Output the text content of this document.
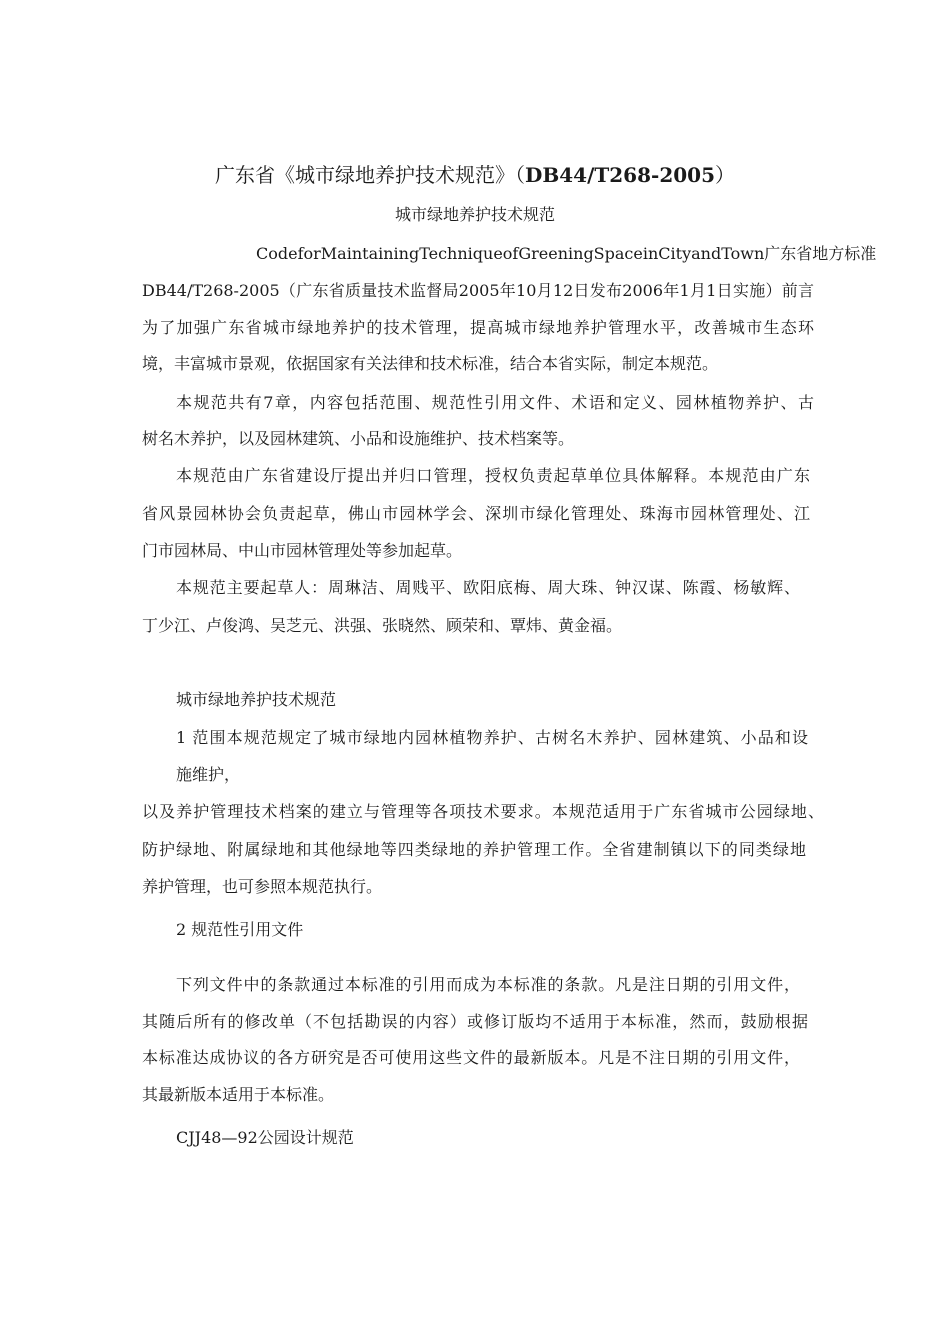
广东省《城市绿地养护技术规范》（DB44/T268-2005）
城市绿地养护技术规范
CodeforMaintainingTechniqueofGreeningSpaceinCityandTown广东省地方标准
DB44/T268-2005（广东省质量技术监督局2005年10月12日发布2006年1月1日实施）前言
为了加强广东省城市绿地养护的技术管理，提高城市绿地养护管理水平，改善城市生态环
境，丰富城市景观，依据国家有关法律和技术标准，结合本省实际，制定本规范。
本规范共有7章，内容包括范围、规范性引用文件、术语和定义、园林植物养护、古
树名木养护，以及园林建筑、小品和设施维护、技术档案等。
本规范由广东省建设厅提出并归口管理，授权负责起草单位具体解释。本规范由广东
省风景园林协会负责起草，佛山市园林学会、深圳市绿化管理处、珠海市园林管理处、江
门市园林局、中山市园林管理处等参加起草。
本规范主要起草人：周琳洁、周贱平、欧阳底梅、周大珠、钟汉谋、陈霞、杨敏辉、
丁少江、卢俊鸿、吴芝元、洪强、张晓然、顾荣和、覃炜、黄金福。
城市绿地养护技术规范
1 范围本规范规定了城市绿地内园林植物养护、古树名木养护、园林建筑、小品和设
施维护，
以及养护管理技术档案的建立与管理等各项技术要求。本规范适用于广东省城市公园绿地、
防护绿地、附属绿地和其他绿地等四类绿地的养护管理工作。全省建制镇以下的同类绿地
养护管理，也可参照本规范执行。
2 规范性引用文件
下列文件中的条款通过本标准的引用而成为本标准的条款。凡是注日期的引用文件，
其随后所有的修改单（不包括勘误的内容）或修订版均不适用于本标准，然而，鼓励根据
本标准达成协议的各方研究是否可使用这些文件的最新版本。凡是不注日期的引用文件，
其最新版本适用于本标准。
CJJ48—92公园设计规范
